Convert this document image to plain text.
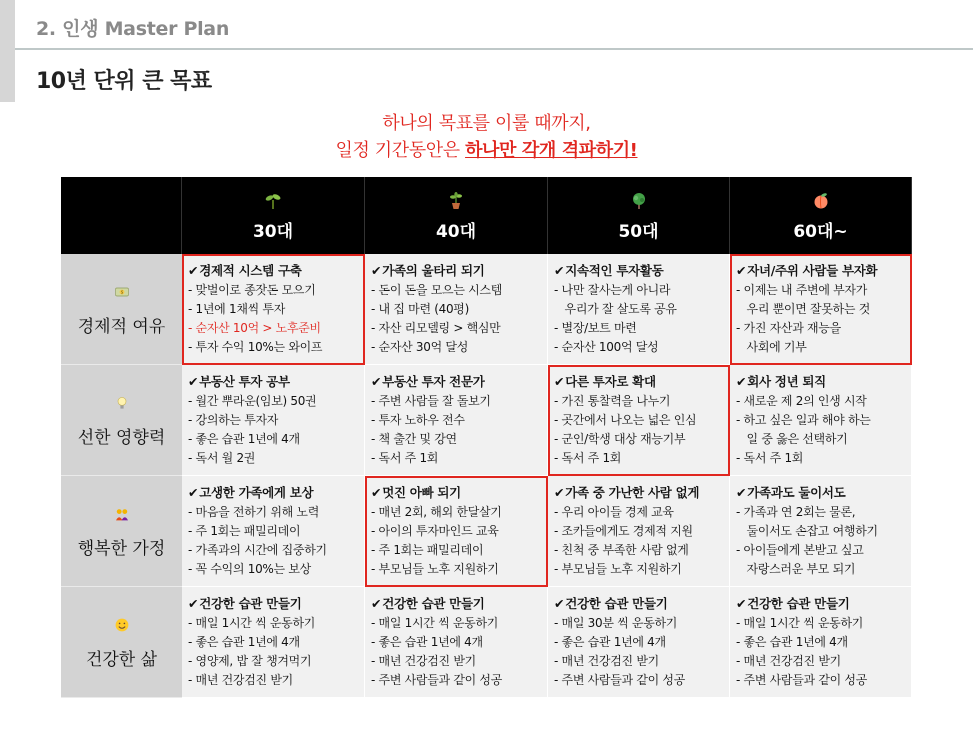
2. 인생 Master Plan
10년 단위 큰 목표
하나의 목표를 이룰 때까지,
일정 기간동안은 하나만 각개 격파하기!
30대	40대	50대	60대~
$
경제적 여유
✔경제적 시스템 구축
- 맞벌이로 종잣돈 모으기
- 1년에 1채씩 투자
- 순자산 10억 > 노후준비
- 투자 수익 10%는 와이프
✔가족의 울타리 되기
- 돈이 돈을 모으는 시스템
- 내 집 마련 (40평)
- 자산 리모델링 > 핵심만
- 순자산 30억 달성
✔지속적인 투자활동
- 나만 잘사는게 아니라
우리가 잘 살도록 공유
- 별장/보트 마련
- 순자산 100억 달성
✔자녀/주위 사람들 부자화
- 이제는 내 주변에 부자가
우리 뿐이면 잘못하는 것
- 가진 자산과 재능을
사회에 기부
선한 영향력
✔부동산 투자 공부
- 월간 뿌라운(임보) 50권
- 강의하는 투자자
- 좋은 습관 1년에 4개
- 독서 월 2권
✔부동산 투자 전문가
- 주변 사람들 잘 돌보기
- 투자 노하우 전수
- 책 출간 및 강연
- 독서 주 1회
✔다른 투자로 확대
- 가진 통찰력을 나누기
- 곳간에서 나오는 넓은 인심
- 군인/학생 대상 재능기부
- 독서 주 1회
✔회사 정년 퇴직
- 새로운 제 2의 인생 시작
- 하고 싶은 일과 해야 하는
일 중 옳은 선택하기
- 독서 주 1회
행복한 가정
✔고생한 가족에게 보상
- 마음을 전하기 위해 노력
- 주 1회는 패밀리데이
- 가족과의 시간에 집중하기
- 꼭 수익의 10%는 보상
✔멋진 아빠 되기
- 매년 2회, 해외 한달살기
- 아이의 투자마인드 교육
- 주 1회는 패밀리데이
- 부모님들 노후 지원하기
✔가족 중 가난한 사람 없게
- 우리 아이들 경제 교육
- 조카들에게도 경제적 지원
- 친척 중 부족한 사람 없게
- 부모님들 노후 지원하기
✔가족과도 둘이서도
- 가족과 연 2회는 물론,
둘이서도 손잡고 여행하기
- 아이들에게 본받고 싶고
자랑스러운 부모 되기
건강한 삶
✔건강한 습관 만들기
- 매일 1시간 씩 운동하기
- 좋은 습관 1년에 4개
- 영양제, 밥 잘 챙겨먹기
- 매년 건강검진 받기
✔건강한 습관 만들기
- 매일 1시간 씩 운동하기
- 좋은 습관 1년에 4개
- 매년 건강검진 받기
- 주변 사람들과 같이 성공
✔건강한 습관 만들기
- 매일 30분 씩 운동하기
- 좋은 습관 1년에 4개
- 매년 건강검진 받기
- 주변 사람들과 같이 성공
✔건강한 습관 만들기
- 매일 1시간 씩 운동하기
- 좋은 습관 1년에 4개
- 매년 건강검진 받기
- 주변 사람들과 같이 성공
